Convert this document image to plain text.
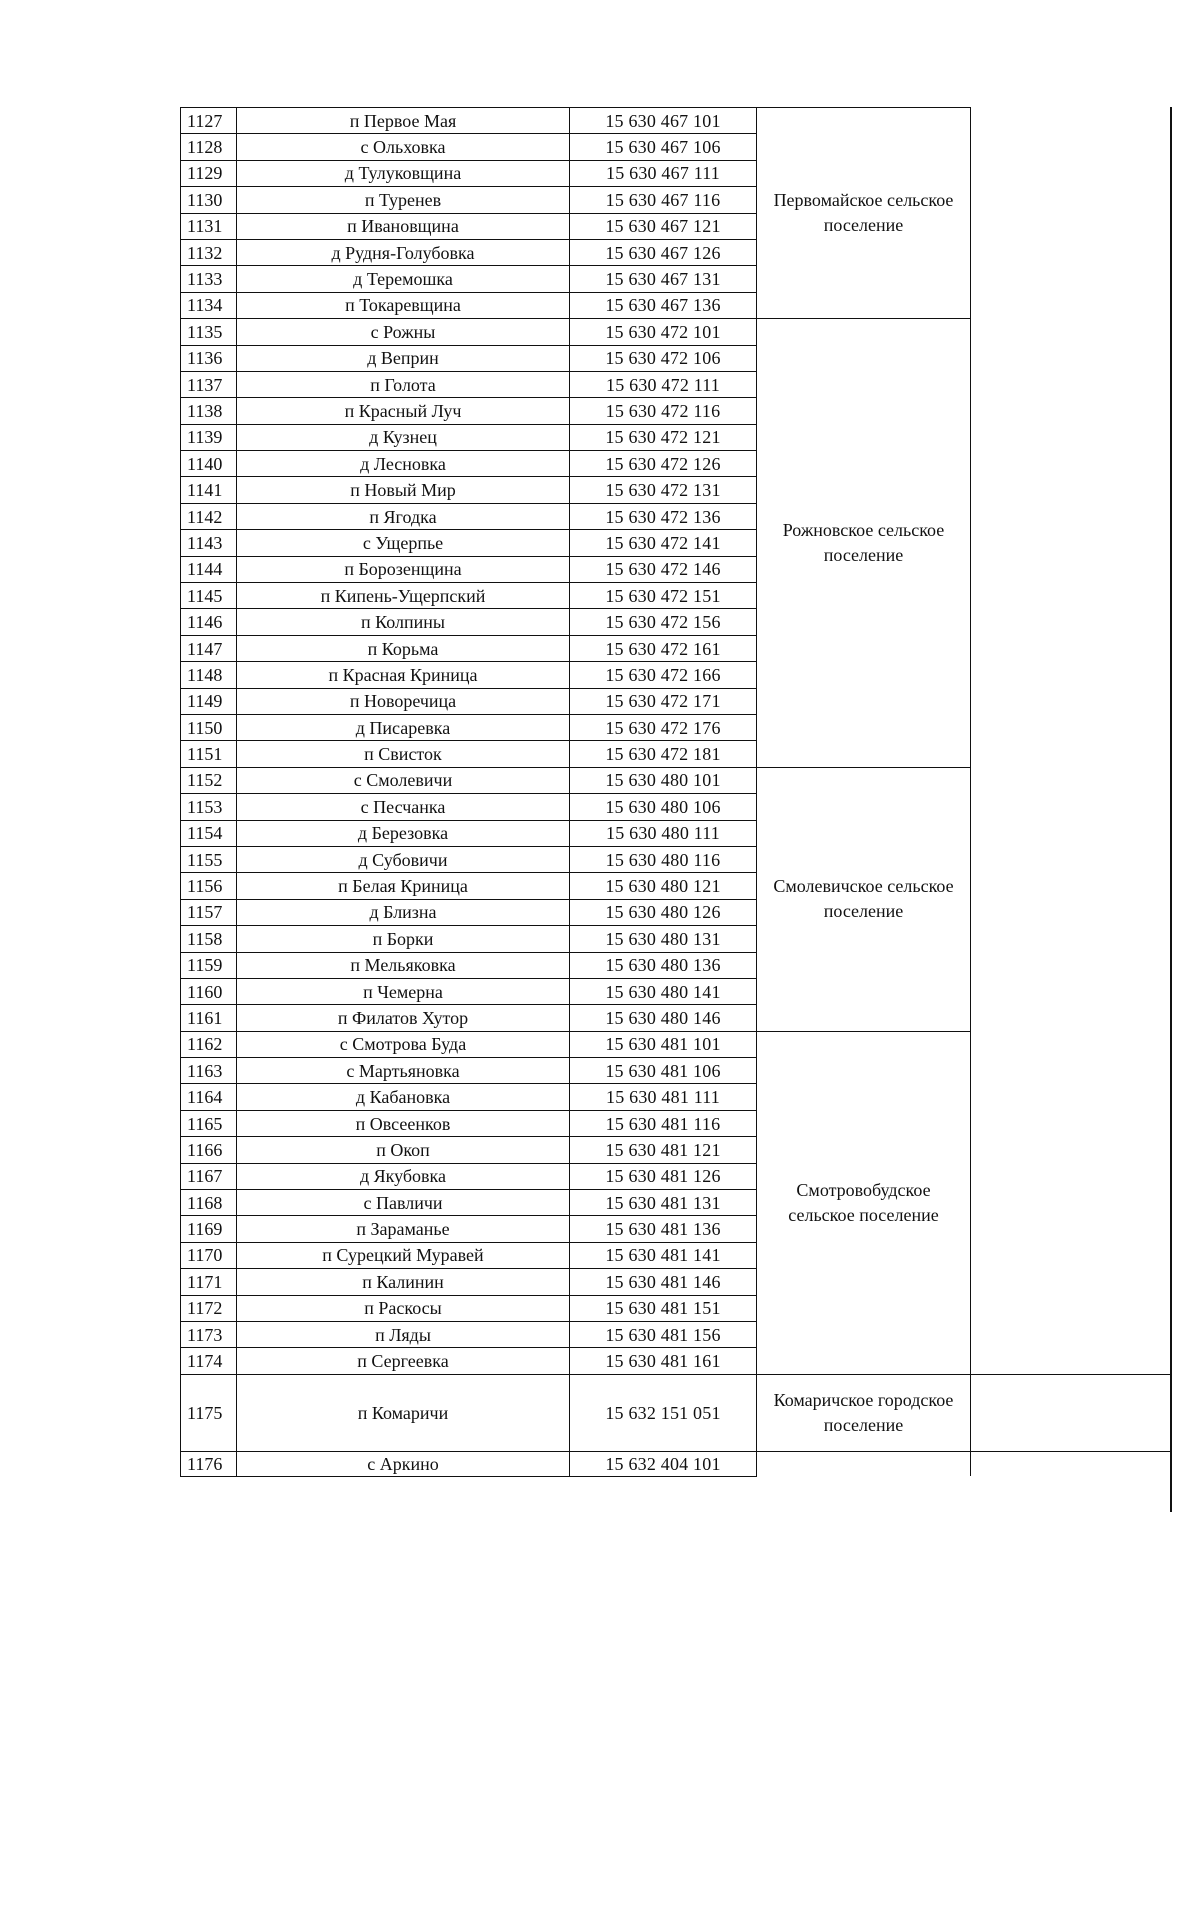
1127	п Первое Мая	15 630 467 101	Первомайское сельское поселение	
1128	с Ольховка	15 630 467 106		
1129	д Тулуковщина	15 630 467 111		
1130	п Туренев	15 630 467 116		
1131	п Ивановщина	15 630 467 121		
1132	д Рудня-Голубовка	15 630 467 126		
1133	д Теремошка	15 630 467 131		
1134	п Токаревщина	15 630 467 136		
1135	с Рожны	15 630 472 101	Рожновское сельское поселение	
1136	д Веприн	15 630 472 106		
1137	п Голота	15 630 472 111		
1138	п Красный Луч	15 630 472 116		
1139	д Кузнец	15 630 472 121		
1140	д Лесновка	15 630 472 126		
1141	п Новый Мир	15 630 472 131		
1142	п Ягодка	15 630 472 136		
1143	с Ущерпье	15 630 472 141		
1144	п Борозенщина	15 630 472 146		
1145	п Кипень-Ущерпский	15 630 472 151		
1146	п Колпины	15 630 472 156		
1147	п Корьма	15 630 472 161		
1148	п Красная Криница	15 630 472 166		
1149	п Новоречица	15 630 472 171		
1150	д Писаревка	15 630 472 176		
1151	п Свисток	15 630 472 181		
1152	с Смолевичи	15 630 480 101	Смолевичское сельское поселение	
1153	с Песчанка	15 630 480 106		
1154	д Березовка	15 630 480 111		
1155	д Субовичи	15 630 480 116		
1156	п Белая Криница	15 630 480 121		
1157	д Близна	15 630 480 126		
1158	п Борки	15 630 480 131		
1159	п Мельяковка	15 630 480 136		
1160	п Чемерна	15 630 480 141		
1161	п Филатов Хутор	15 630 480 146		
1162	с Смотрова Буда	15 630 481 101	Смотровобудское сельское поселение	
1163	с Мартьяновка	15 630 481 106		
1164	д Кабановка	15 630 481 111		
1165	п Овсеенков	15 630 481 116		
1166	п Окоп	15 630 481 121		
1167	д Якубовка	15 630 481 126		
1168	с Павличи	15 630 481 131		
1169	п Зараманье	15 630 481 136		
1170	п Сурецкий Муравей	15 630 481 141		
1171	п Калинин	15 630 481 146		
1172	п Раскосы	15 630 481 151		
1173	п Ляды	15 630 481 156		
1174	п Сергеевка	15 630 481 161		
1175	п Комаричи	15 632 151 051	Комаричское городское поселение	
1176	с Аркино	15 632 404 101		
